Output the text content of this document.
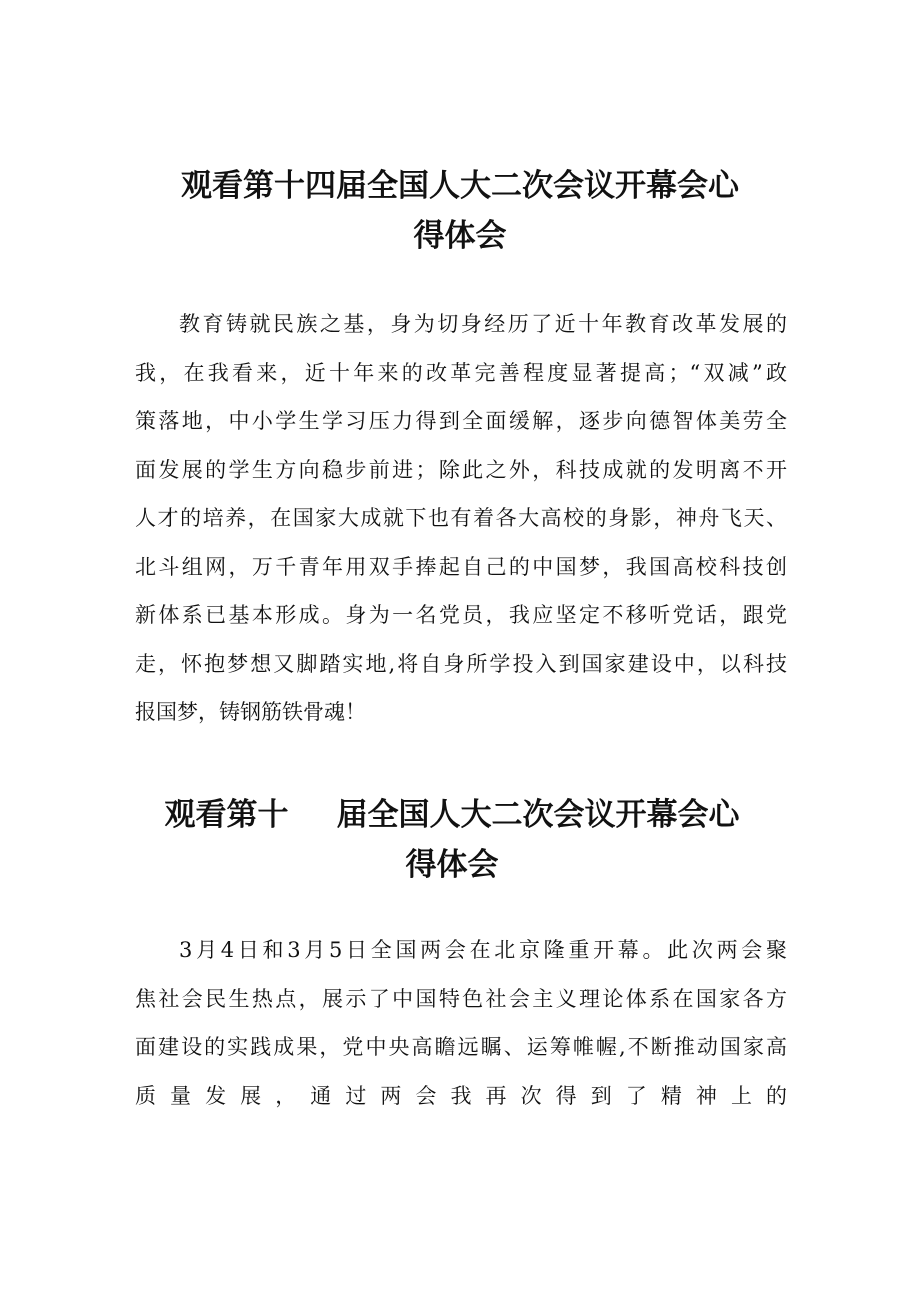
观看第十四届全国人大二次会议开幕会心
得体会
教育铸就民族之基，身为切身经历了近十年教育改革发展的
我，在我看来，近十年来的改革完善程度显著提高；“双减”政
策落地，中小学生学习压力得到全面缓解，逐步向德智体美劳全
面发展的学生方向稳步前进；除此之外，科技成就的发明离不开
人才的培养，在国家大成就下也有着各大高校的身影，神舟飞天、
北斗组网，万千青年用双手捧起自己的中国梦，我国高校科技创
新体系已基本形成。身为一名党员，我应坚定不移听党话，跟党
走，怀抱梦想又脚踏实地,将自身所学投入到国家建设中，以科技
报国梦，铸钢筋铁骨魂！
观看第十 届全国人大二次会议开幕会心
得体会
3月4日和3月5日全国两会在北京隆重开幕。此次两会聚
焦社会民生热点，展示了中国特色社会主义理论体系在国家各方
面建设的实践成果，党中央高瞻远瞩、运筹帷幄,不断推动国家高
质量发展，通过两会我再次得到了精神上的
